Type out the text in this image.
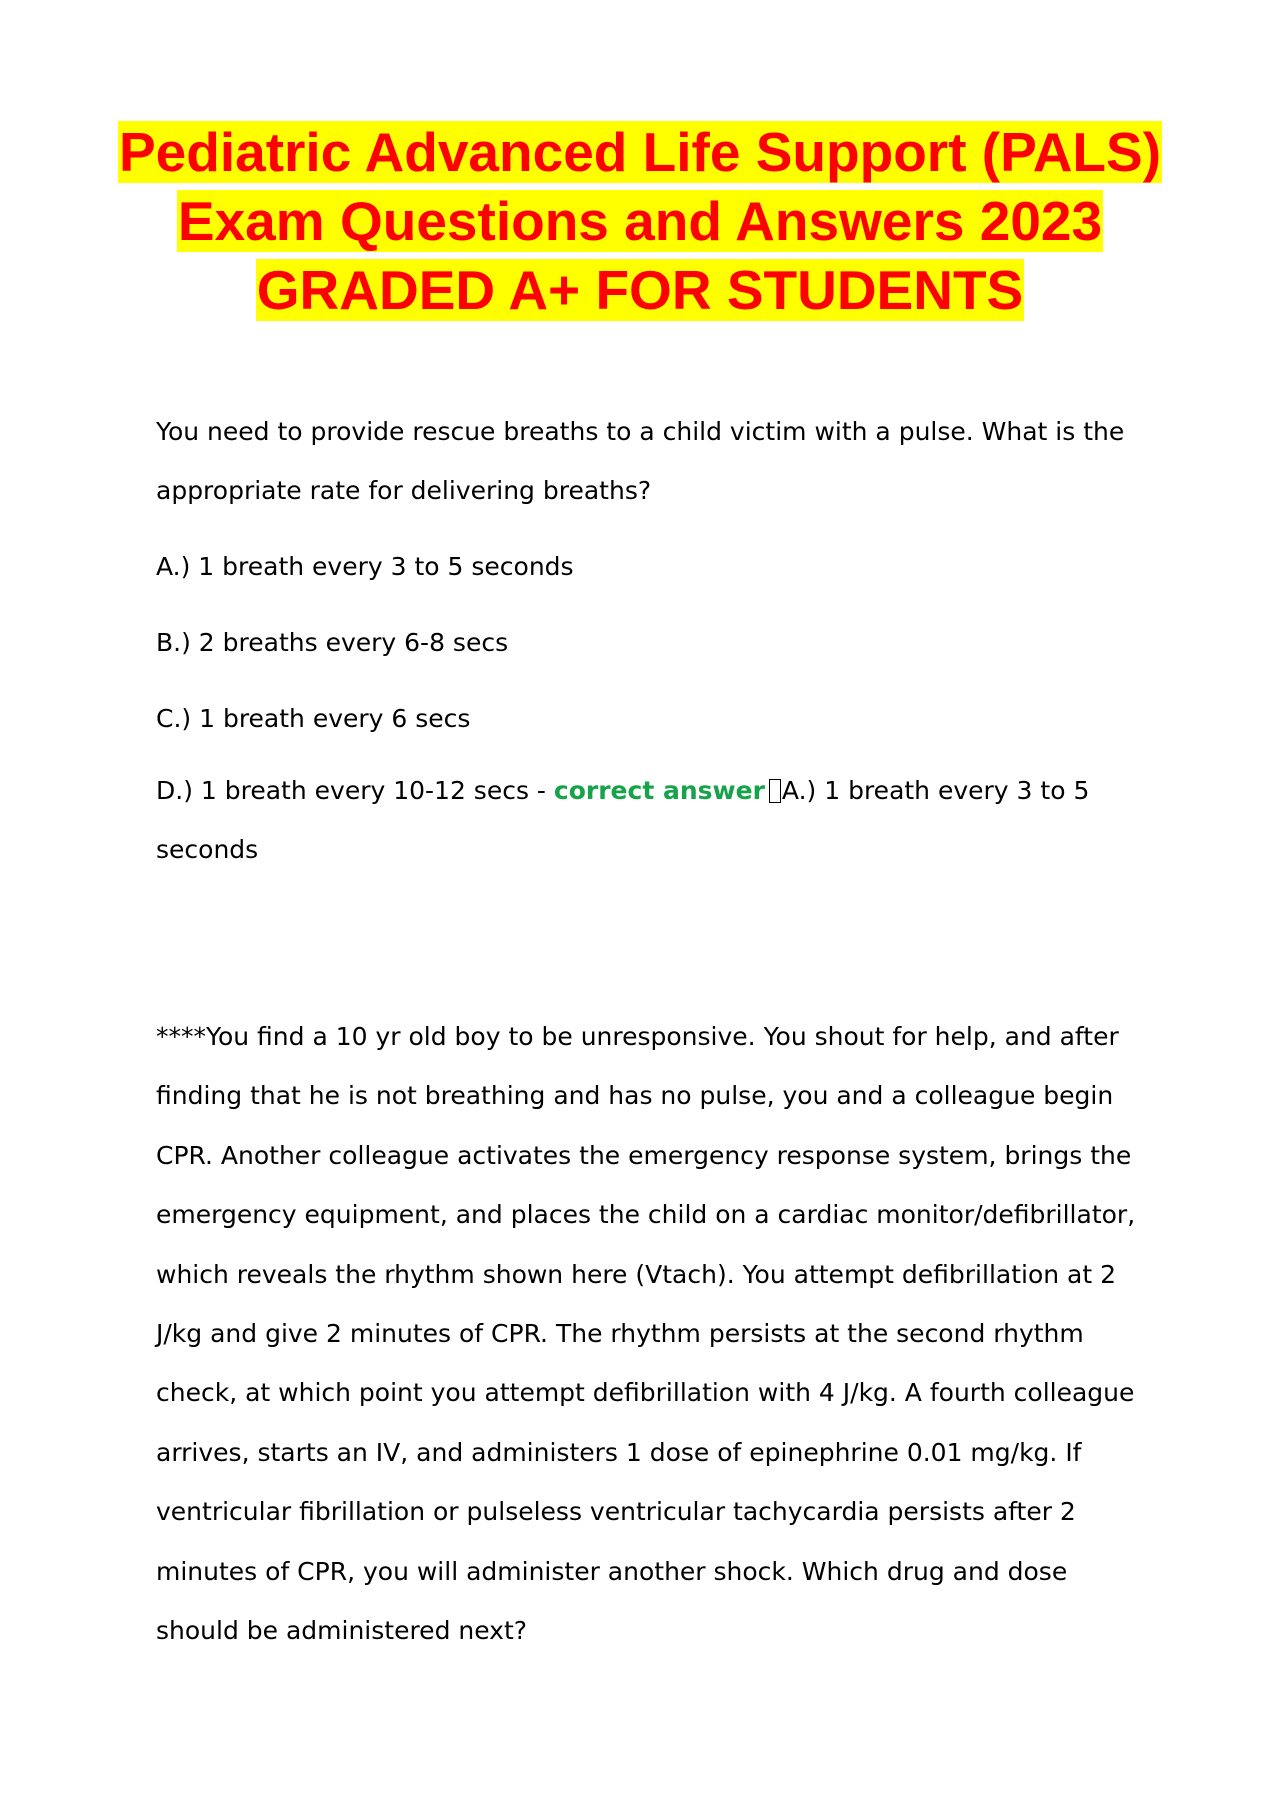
Pediatric Advanced Life Support (PALS)
Exam Questions and Answers 2023
GRADED A+ FOR STUDENTS

You need to provide rescue breaths to a child victim with a pulse. What is the appropriate rate for delivering breaths?

A.) 1 breath every 3 to 5 seconds

B.) 2 breaths every 6-8 secs

C.) 1 breath every 6 secs

D.) 1 breath every 10-12 secs - correct answer A.) 1 breath every 3 to 5 seconds

****You find a 10 yr old boy to be unresponsive. You shout for help, and after finding that he is not breathing and has no pulse, you and a colleague begin CPR. Another colleague activates the emergency response system, brings the emergency equipment, and places the child on a cardiac monitor/defibrillator, which reveals the rhythm shown here (Vtach). You attempt defibrillation at 2 J/kg and give 2 minutes of CPR. The rhythm persists at the second rhythm check, at which point you attempt defibrillation with 4 J/kg. A fourth colleague arrives, starts an IV, and administers 1 dose of epinephrine 0.01 mg/kg. If ventricular fibrillation or pulseless ventricular tachycardia persists after 2 minutes of CPR, you will administer another shock. Which drug and dose should be administered next?
